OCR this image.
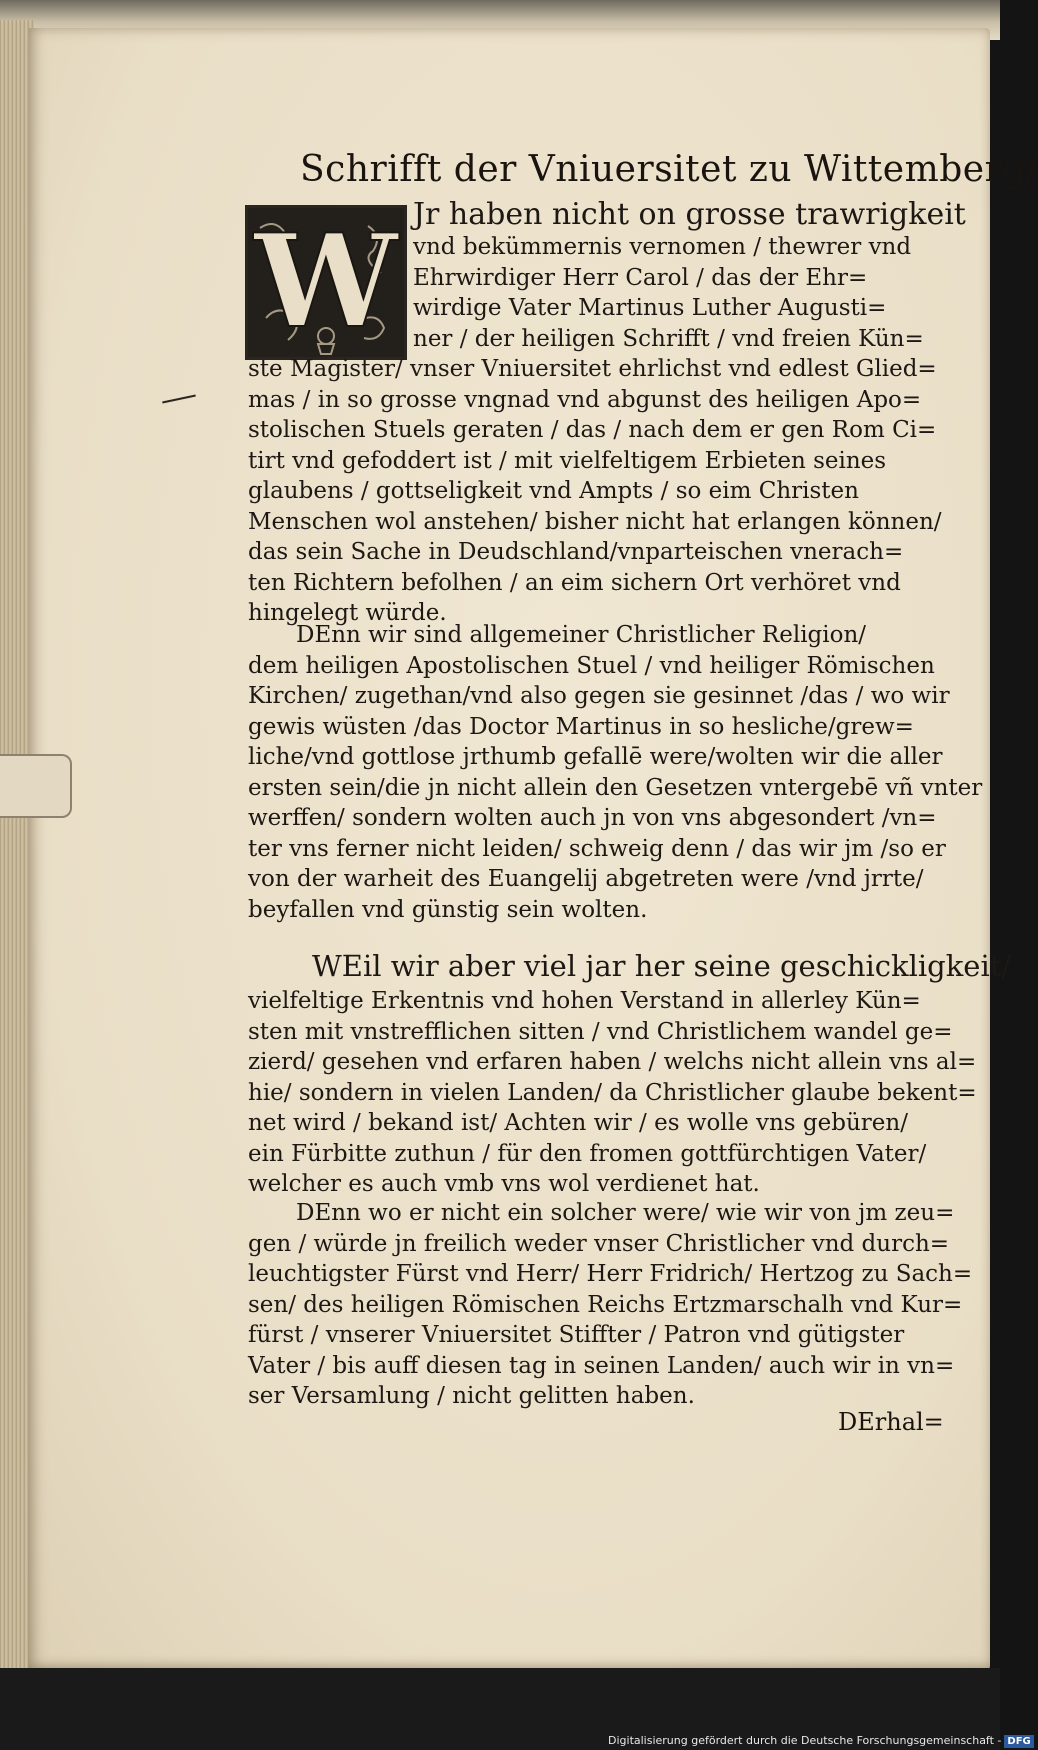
Schrifft der Vniuersitet zu Wittemberg/
W Jr haben nicht on grosse trawrigkeit
vnd bekümmernis vernomen / thewrer vnd
Ehrwirdiger Herr Carol / das der Ehr=
wirdige Vater Martinus Luther Augusti=
ner / der heiligen Schrifft / vnd freien Kün=
ste Magister/ vnser Vniuersitet ehrlichst vnd edlest Glied=
mas / in so grosse vngnad vnd abgunst des heiligen Apo=
stolischen Stuels geraten / das / nach dem er gen Rom Ci=
tirt vnd gefoddert ist / mit vielfeltigem Erbieten seines
glaubens / gottseligkeit vnd Ampts / so eim Christen
Menschen wol anstehen/ bisher nicht hat erlangen können/
das sein Sache in Deudschland/vnparteischen vnerach=
ten Richtern befolhen / an eim sichern Ort verhöret vnd
hingelegt würde.
DEnn wir sind allgemeiner Christlicher Religion/
dem heiligen Apostolischen Stuel / vnd heiliger Römischen
Kirchen/ zugethan/vnd also gegen sie gesinnet /das / wo wir
gewis wüsten /das Doctor Martinus in so hesliche/grew=
liche/vnd gottlose jrthumb gefallē were/wolten wir die aller
ersten sein/die jn nicht allein den Gesetzen vntergebē vñ vnter
werffen/ sondern wolten auch jn von vns abgesondert /vn=
ter vns ferner nicht leiden/ schweig denn / das wir jm /so er
von der warheit des Euangelij abgetreten were /vnd jrrte/
beyfallen vnd günstig sein wolten.
WEil wir aber viel jar her seine geschickligkeit/
vielfeltige Erkentnis vnd hohen Verstand in allerley Kün=
sten mit vnstrefflichen sitten / vnd Christlichem wandel ge=
zierd/ gesehen vnd erfaren haben / welchs nicht allein vns al=
hie/ sondern in vielen Landen/ da Christlicher glaube bekent=
net wird / bekand ist/ Achten wir / es wolle vns gebüren/
ein Fürbitte zuthun / für den fromen gottfürchtigen Vater/
welcher es auch vmb vns wol verdienet hat.
DEnn wo er nicht ein solcher were/ wie wir von jm zeu=
gen / würde jn freilich weder vnser Christlicher vnd durch=
leuchtigster Fürst vnd Herr/ Herr Fridrich/ Hertzog zu Sach=
sen/ des heiligen Römischen Reichs Ertzmarschalh vnd Kur=
fürst / vnserer Vniuersitet Stiffter / Patron vnd gütigster
Vater / bis auff diesen tag in seinen Landen/ auch wir in vn=
ser Versamlung / nicht gelitten haben.
DErhal=
Digitalisierung gefördert durch die Deutsche Forschungsgemeinschaft - DFG
